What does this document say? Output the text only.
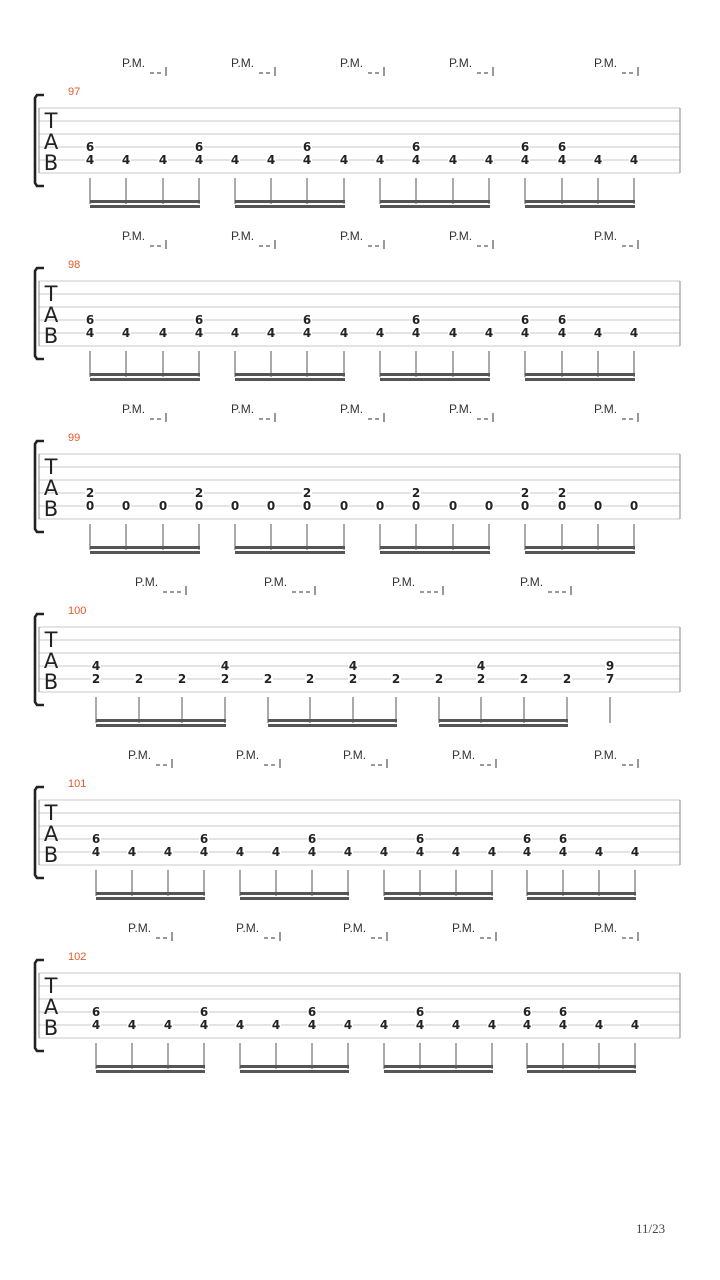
P.M.	P.M.	P.M.	P.M.	P.M.
97
T
A
B
6
4 4 4
6
4 4 4
6
4 4 4
6
4 4 4
6
4
6
4 4 4
P.M.	P.M.	P.M.	P.M.	P.M.
98
T
A
B
6
4 4 4
6
4 4 4
6
4 4 4
6
4 4 4
6
4
6
4 4 4
P.M.	P.M.	P.M.	P.M.	P.M.
99
T
A
B
2
0 0 0
2
0 0 0
2
0 0 0
2
0 0 0
2
0
2
0 0 0
P.M.	P.M.	P.M.	P.M.
100
T
A
B
4
2	2	2
4
2	2	2
4
2	2	2
4
2	2	2
9
7
P.M.	P.M.	P.M.	P.M.	P.M.
101
T
A
B
6
4 4 4
6
4 4 4
6
4 4 4
6
4 4 4
6
4
6
4 4 4
P.M.	P.M.	P.M.	P.M.	P.M.
102
T
A
B
6
4 4 4
6
4 4 4
6
4 4 4
6
4 4 4
6
4
6
4 4 4
11/23
